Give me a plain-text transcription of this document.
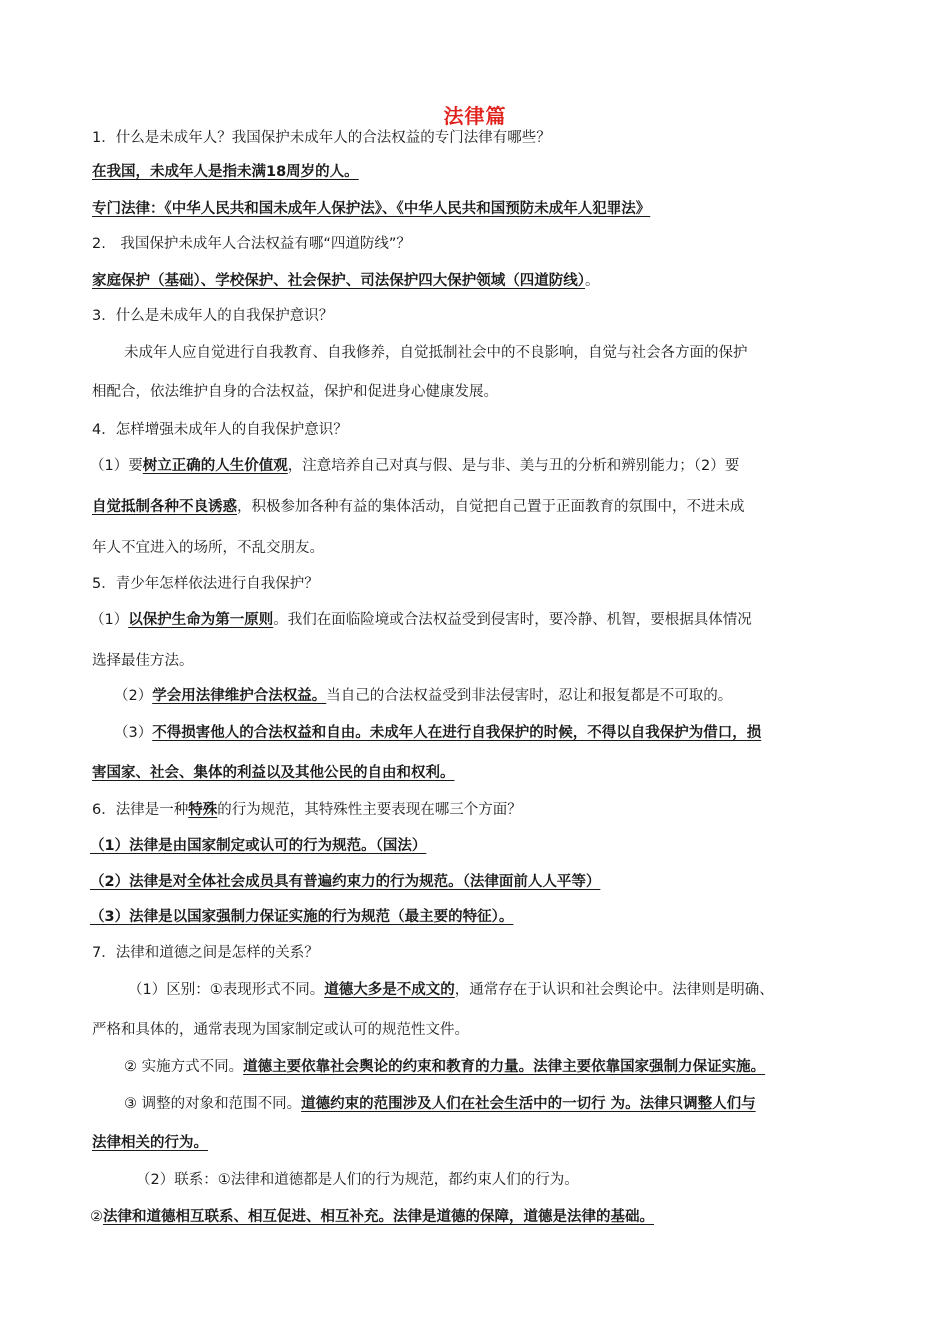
法律篇
1．什么是未成年人？我国保护未成年人的合法权益的专门法律有哪些？
在我国，未成年人是指未满18周岁的人。
专门法律：《中华人民共和国未成年人保护法》、《中华人民共和国预防未成年人犯罪法》
2.　我国保护未成年人合法权益有哪“四道防线”？
家庭保护（基础）、学校保护、社会保护、司法保护四大保护领域（四道防线）。
3．什么是未成年人的自我保护意识？
未成年人应自觉进行自我教育、自我修养，自觉抵制社会中的不良影响，自觉与社会各方面的保护
相配合，依法维护自身的合法权益，保护和促进身心健康发展。
4．怎样增强未成年人的自我保护意识？
（1）要树立正确的人生价值观，注意培养自己对真与假、是与非、美与丑的分析和辨别能力；（2）要
自觉抵制各种不良诱惑，积极参加各种有益的集体活动，自觉把自己置于正面教育的氛围中，不进未成
年人不宜进入的场所，不乱交朋友。
5．青少年怎样依法进行自我保护？
（1）以保护生命为第一原则。我们在面临险境或合法权益受到侵害时，要冷静、机智，要根据具体情况
选择最佳方法。
（2）学会用法律维护合法权益。当自己的合法权益受到非法侵害时，忍让和报复都是不可取的。
（3）不得损害他人的合法权益和自由。未成年人在进行自我保护的时候，不得以自我保护为借口，损
害国家、社会、集体的利益以及其他公民的自由和权利。
6．法律是一种特殊的行为规范，其特殊性主要表现在哪三个方面？
（1）法律是由国家制定或认可的行为规范。（国法）
（2）法律是对全体社会成员具有普遍约束力的行为规范。（法律面前人人平等）
（3）法律是以国家强制力保证实施的行为规范（最主要的特征）。
7．法律和道德之间是怎样的关系？
（1）区别：①表现形式不同。道德大多是不成文的，通常存在于认识和社会舆论中。法律则是明确、
严格和具体的，通常表现为国家制定或认可的规范性文件。
② 实施方式不同。道德主要依靠社会舆论的约束和教育的力量。法律主要依靠国家强制力保证实施。
③ 调整的对象和范围不同。道德约束的范围涉及人们在社会生活中的一切行 为。法律只调整人们与
法律相关的行为。
（2）联系：①法律和道德都是人们的行为规范，都约束人们的行为。
②法律和道德相互联系、相互促进、相互补充。法律是道德的保障，道德是法律的基础。
